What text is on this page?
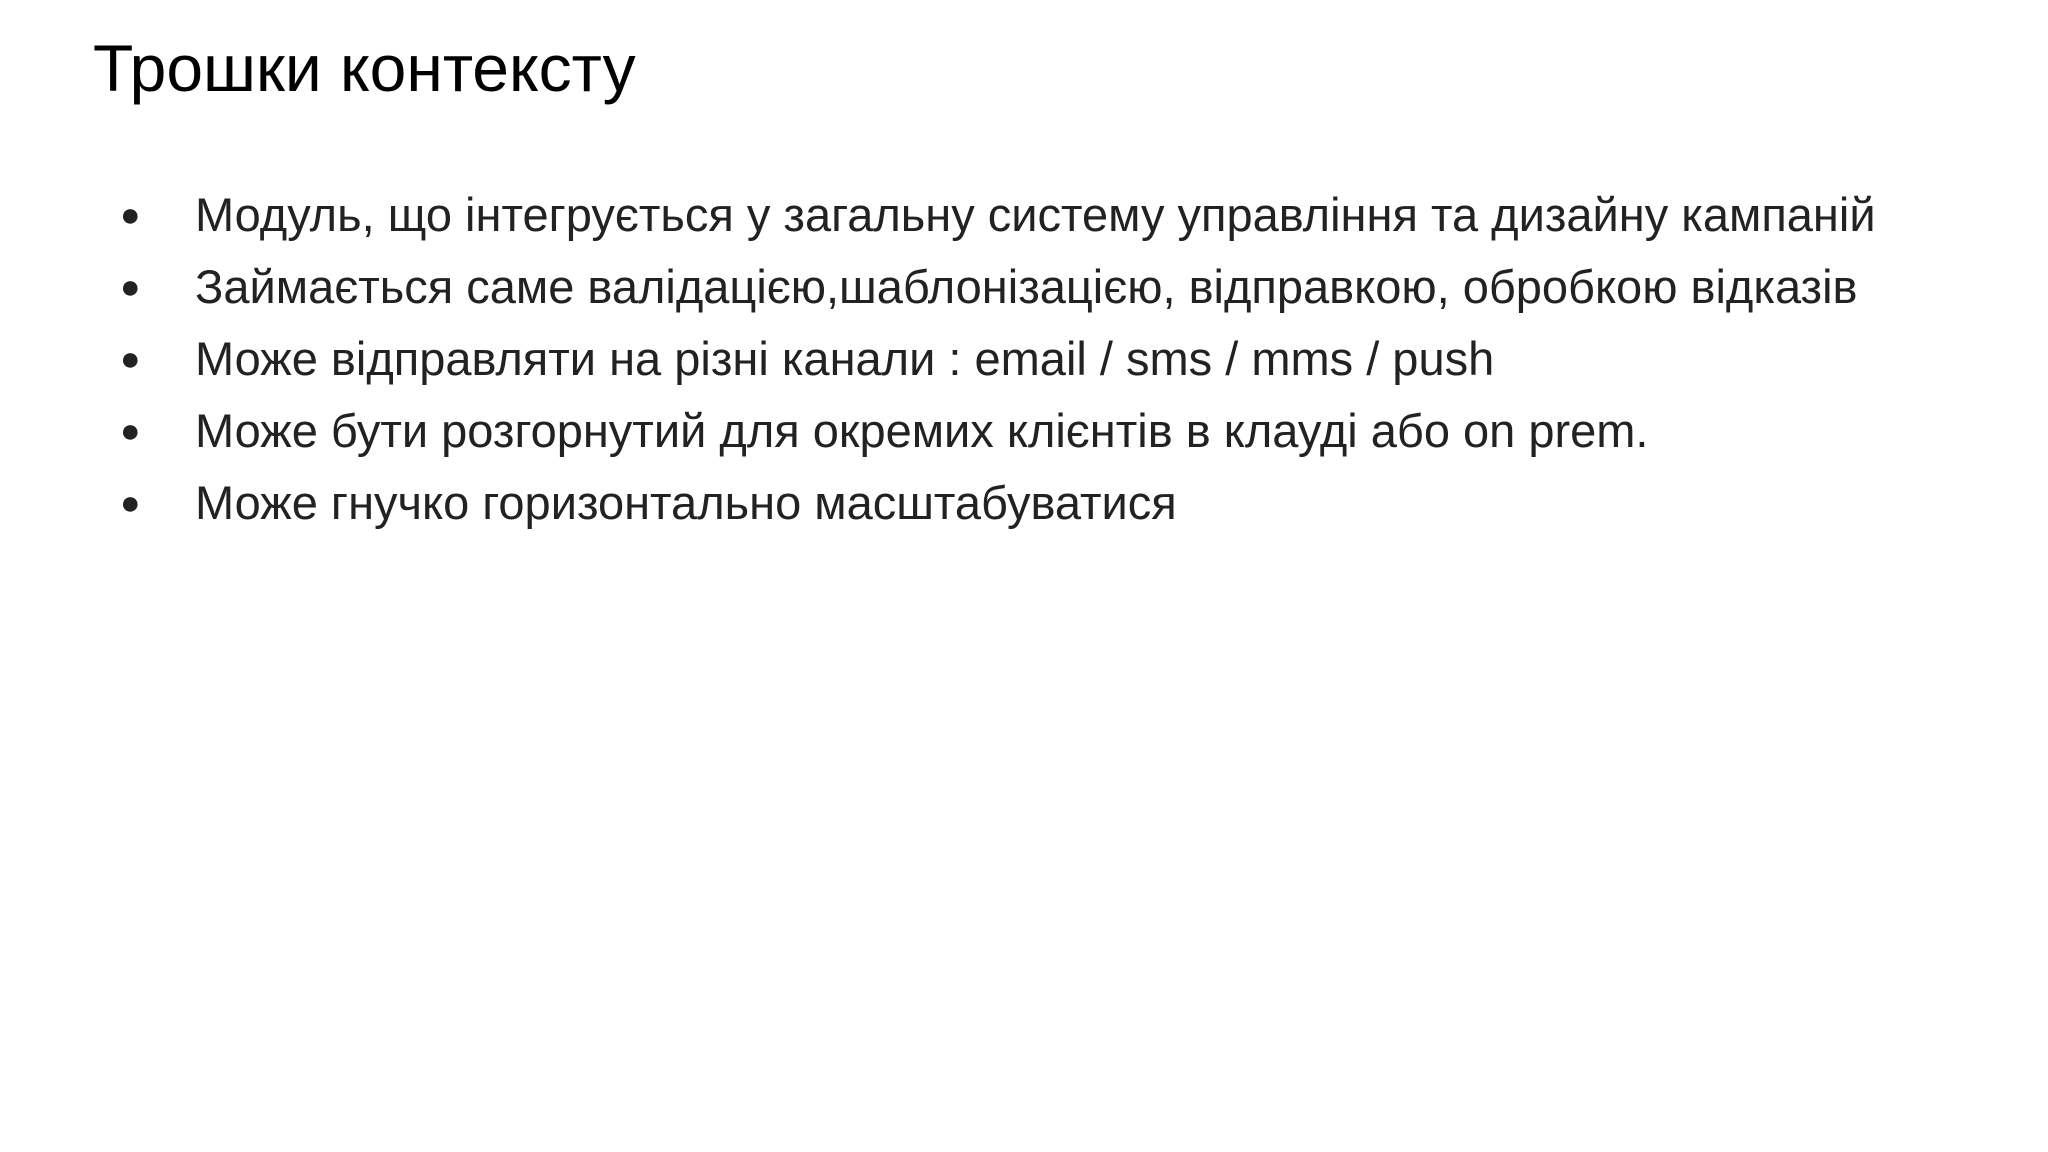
Трошки контексту
●	Модуль, що інтегрується у загальну систему управління та дизайну кампаній
●	Займається саме валідацією,шаблонізацією, відправкою, обробкою відказів
●	Може відправляти на різні канали : email / sms / mms / push
●	Може бути розгорнутий для окремих клієнтів в клауді або on prem.
●	Може гнучко горизонтально масштабуватися
